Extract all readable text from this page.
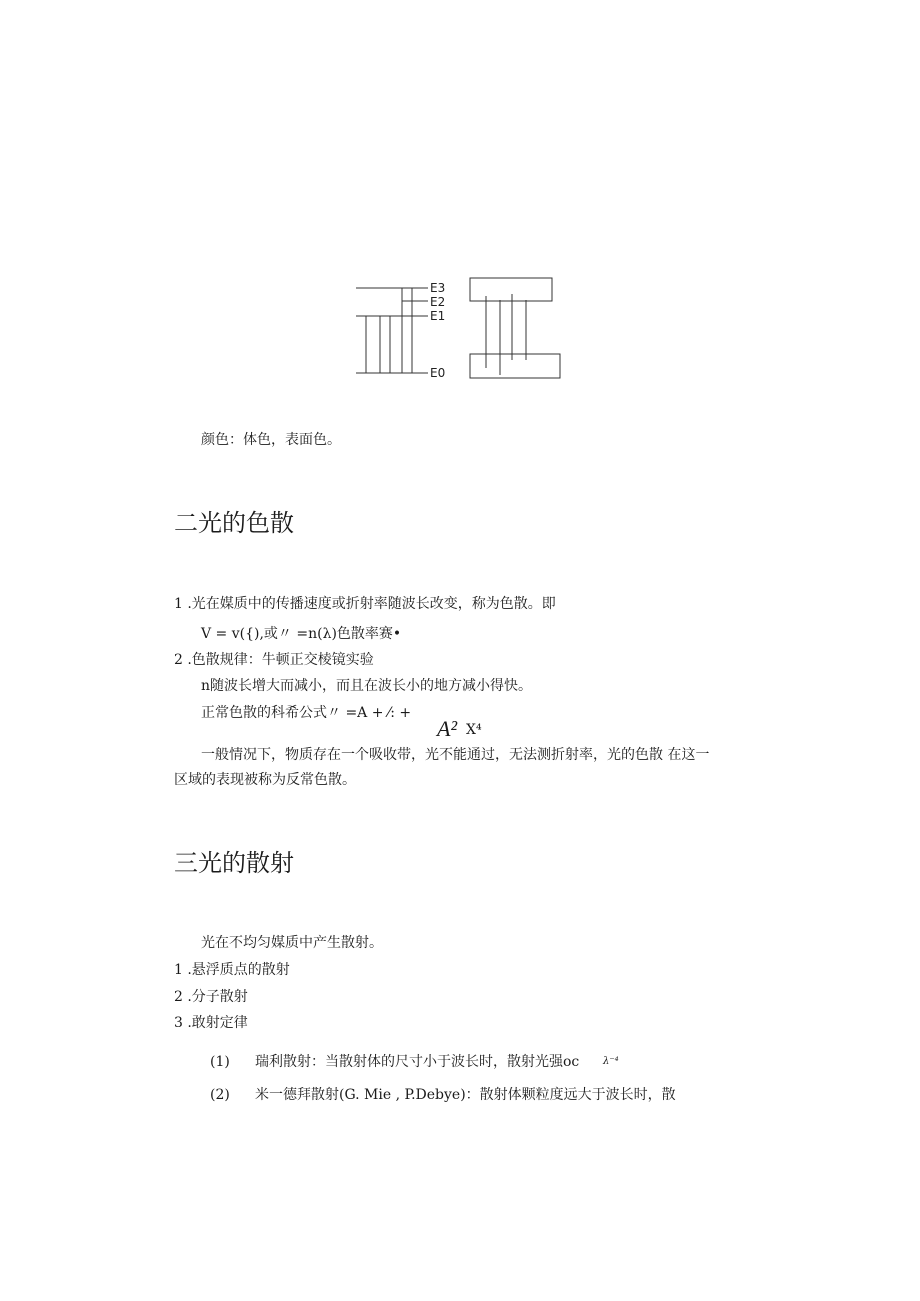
E3
E2
E1
E0
颜色：体色，表面色。
二光的色散
1 .光在媒质中的传播速度或折射率随波长改变，称为色散。即
V = v({),或〃 =n(λ)色散率赛•
2 .色散规律：牛顿正交棱镜实验
n随波长增大而减小，而且在波长小的地方减小得快。
正常色散的科希公式〃 =A + ⁄: +
A² X⁴
一般情况下，物质存在一个吸收带，光不能通过，无法测折射率，光的色散 在这一
区域的表现被称为反常色散。
三光的散射
光在不均匀媒质中产生散射。
1 .悬浮质点的散射
2 .分子散射
3 .敢射定律
(1) 瑞利散射：当散射体的尺寸小于波长时，散射光强oc λ⁻⁴
(2) 米一德拜散射(G. Mie , P.Debye)：散射体颗粒度远大于波长时，散
